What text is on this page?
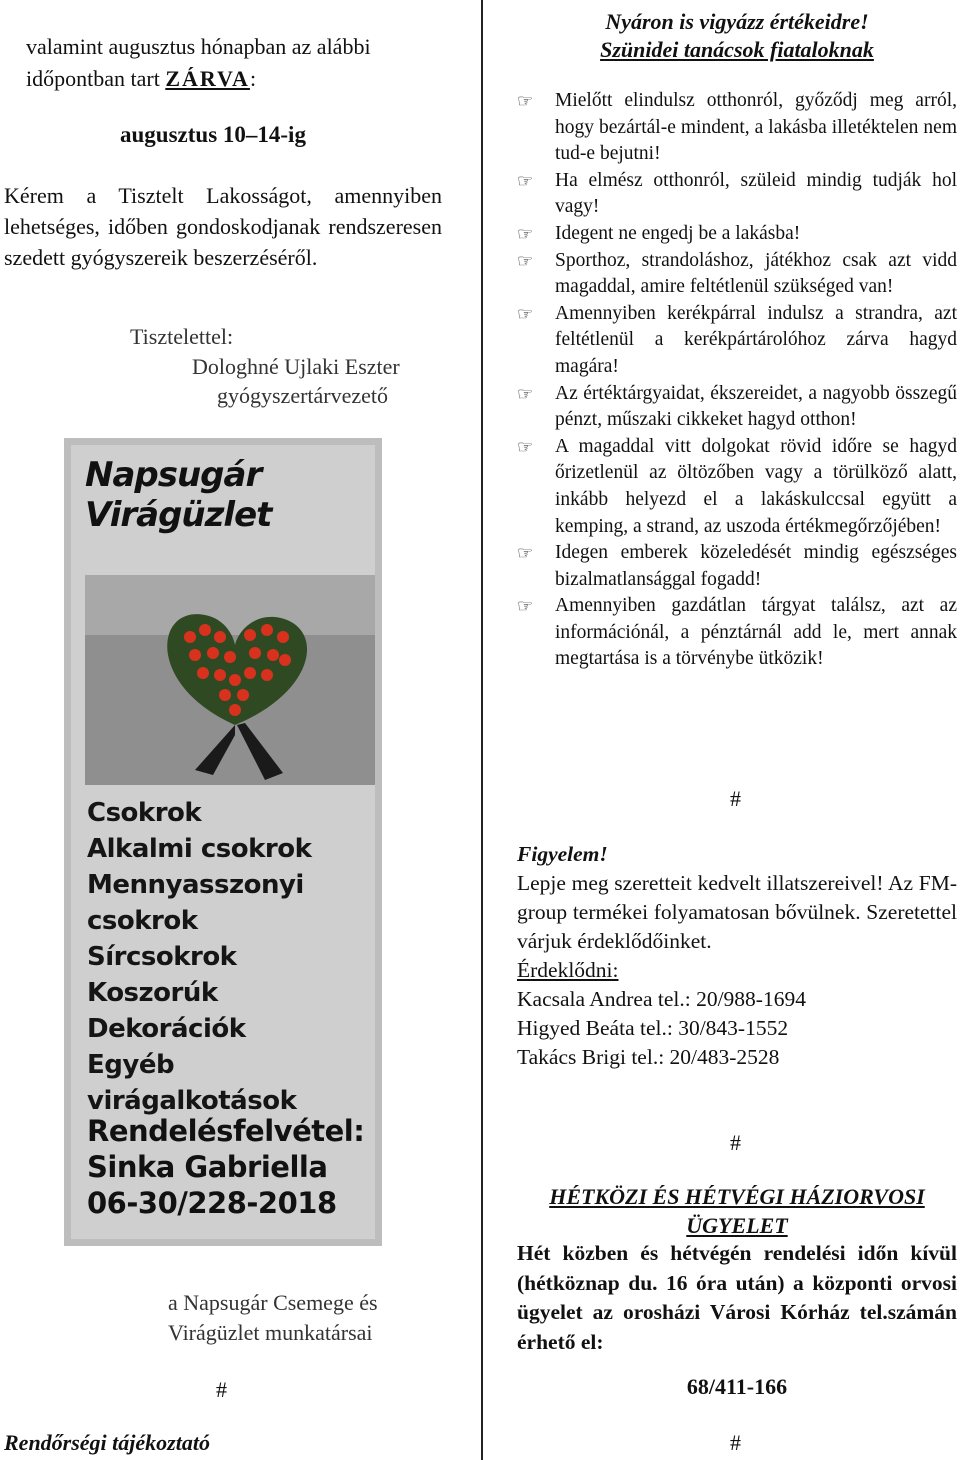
valamint augusztus hónapban az alábbi
időpontban tart ZÁRVA:
augusztus 10–14-ig
Kérem a Tisztelt Lakosságot, amennyiben lehetséges, időben gondoskodjanak rendszeresen szedett gyógyszereik beszerzéséről.
Tisztelettel:
Dologhné Ujlaki Eszter
gyógyszertárvezető
Napsugár
Virágüzlet
Csokrok
Alkalmi csokrok
Mennyasszonyi
csokrok
Sírcsokrok
Koszorúk
Dekorációk
Egyéb virágalkotások
Rendelésfelvétel:
Sinka Gabriella
06-30/228-2018
a Napsugár Csemege és
Virágüzlet munkatársai
#
Rendőrségi tájékoztató
Nyáron is vigyázz értékeidre!
Szünidei tanácsok fiataloknak
☞ Mielőtt elindulsz otthonról, győződj meg arról, hogy bezártál-e mindent, a lakásba illetéktelen nem tud-e bejutni!
☞ Ha elmész otthonról, szüleid mindig tudják hol vagy!
☞ Idegent ne engedj be a lakásba!
☞ Sporthoz, strandoláshoz, játékhoz csak azt vidd magaddal, amire feltétlenül szükséged van!
☞ Amennyiben kerékpárral indulsz a strandra, azt feltétlenül a kerékpártárolóhoz zárva hagyd magára!
☞ Az értéktárgyaidat, ékszereidet, a nagyobb összegű pénzt, műszaki cikkeket hagyd otthon!
☞ A magaddal vitt dolgokat rövid időre se hagyd őrizetlenül az öltözőben vagy a törülköző alatt, inkább helyezd el a lakáskulccsal együtt a kemping, a strand, az uszoda értékmegőrzőjében!
☞ Idegen emberek közeledését mindig egészséges bizalmatlansággal fogadd!
☞ Amennyiben gazdátlan tárgyat találsz, azt az információnál, a pénztárnál add le, mert annak megtartása is a törvénybe ütközik!
#
Figyelem!
Lepje meg szeretteit kedvelt illatszereivel! Az FM-group termékei folyamatosan bővülnek. Szeretettel várjuk érdeklődőinket.
Érdeklődni:
Kacsala Andrea tel.: 20/988-1694
Higyed Beáta tel.: 30/843-1552
Takács Brigi tel.: 20/483-2528
#
HÉTKÖZI ÉS HÉTVÉGI HÁZIORVOSI
ÜGYELET
Hét közben és hétvégén rendelési időn kívül (hétköznap du. 16 óra után) a központi orvosi ügyelet az orosházi Városi Kórház tel.számán érhető el:
68/411-166
#
